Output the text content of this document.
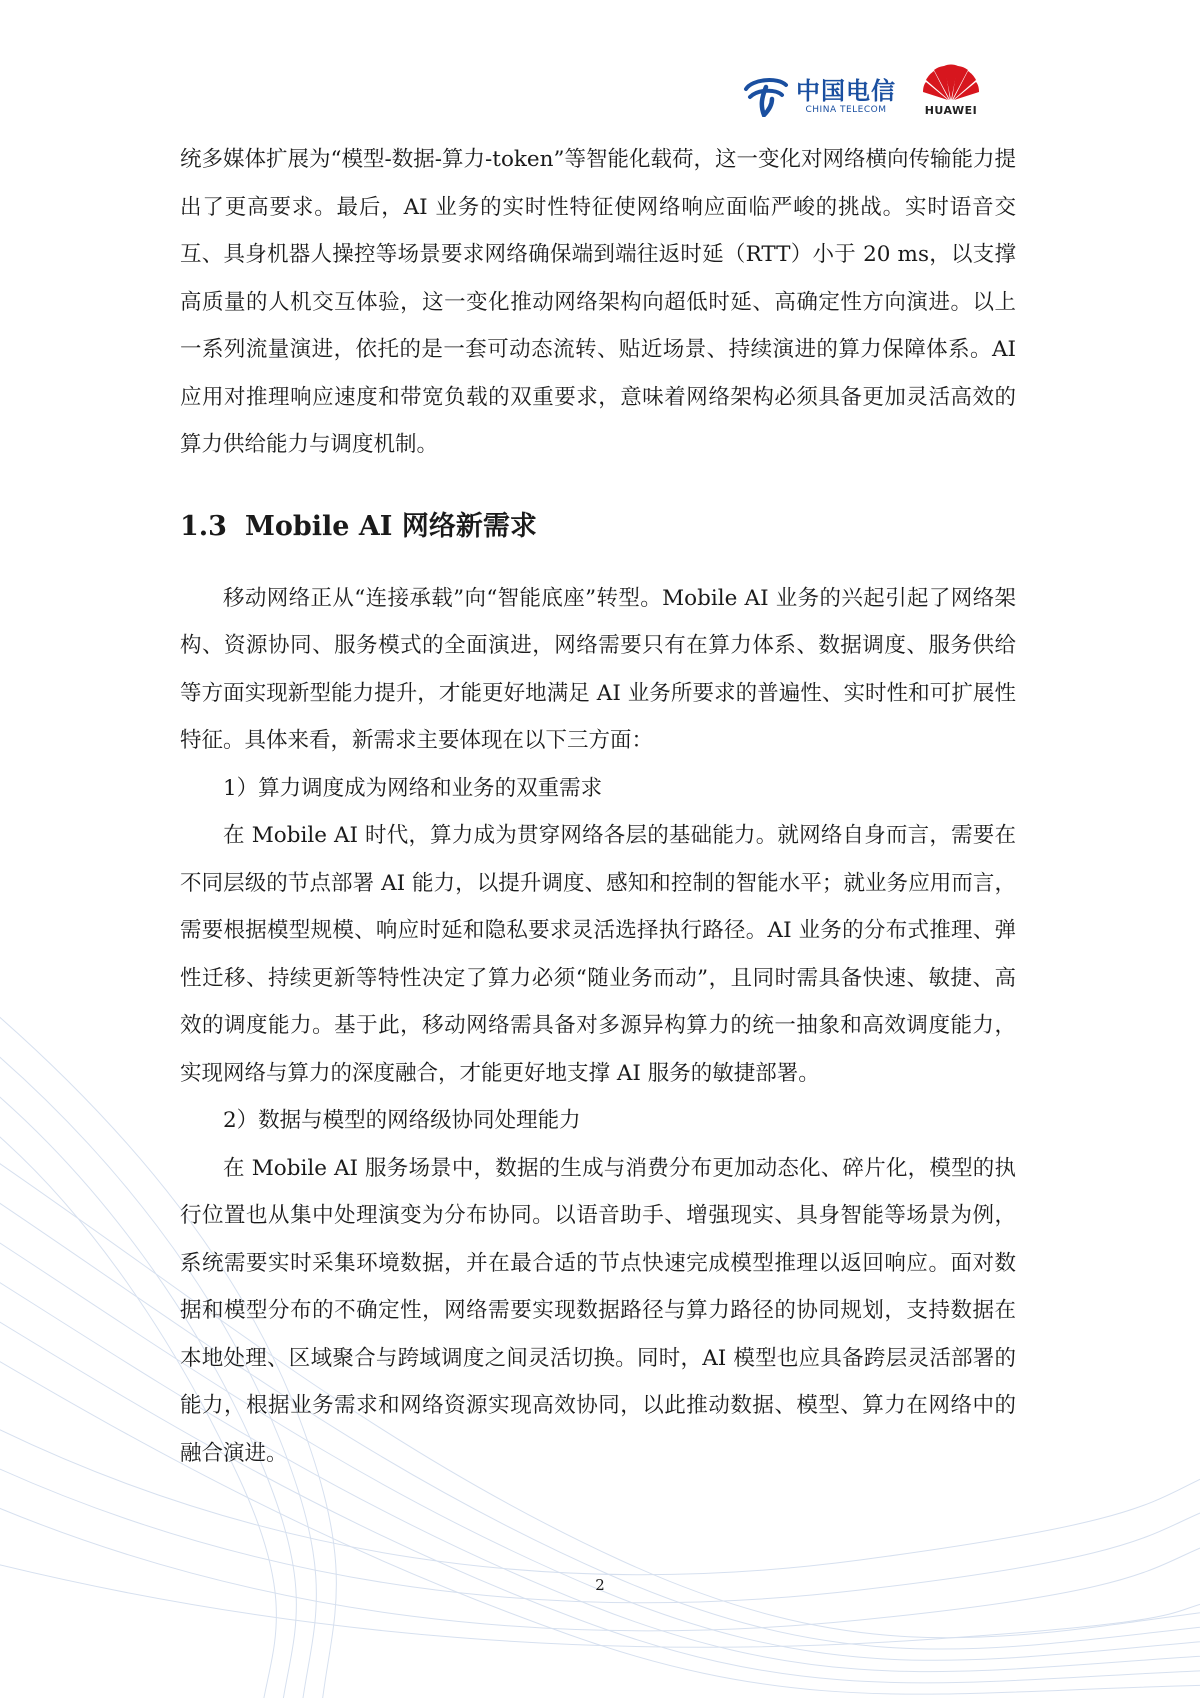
中国电信
CHINA TELECOM	HUAWEI

统多媒体扩展为“模型-数据-算力-token”等智能化载荷，这一变化对网络横向传输能力提出了更高要求。最后，AI 业务的实时性特征使网络响应面临严峻的挑战。实时语音交互、具身机器人操控等场景要求网络确保端到端往返时延（RTT）小于 20 ms，以支撑高质量的人机交互体验，这一变化推动网络架构向超低时延、高确定性方向演进。以上一系列流量演进，依托的是一套可动态流转、贴近场景、持续演进的算力保障体系。AI 应用对推理响应速度和带宽负载的双重要求，意味着网络架构必须具备更加灵活高效的算力供给能力与调度机制。

1.3 Mobile AI 网络新需求

移动网络正从“连接承载”向“智能底座”转型。Mobile AI 业务的兴起引起了网络架构、资源协同、服务模式的全面演进，网络需要只有在算力体系、数据调度、服务供给等方面实现新型能力提升，才能更好地满足 AI 业务所要求的普遍性、实时性和可扩展性特征。具体来看，新需求主要体现在以下三方面：

1）算力调度成为网络和业务的双重需求

在 Mobile AI 时代，算力成为贯穿网络各层的基础能力。就网络自身而言，需要在不同层级的节点部署 AI 能力，以提升调度、感知和控制的智能水平；就业务应用而言，需要根据模型规模、响应时延和隐私要求灵活选择执行路径。AI 业务的分布式推理、弹性迁移、持续更新等特性决定了算力必须“随业务而动”，且同时需具备快速、敏捷、高效的调度能力。基于此，移动网络需具备对多源异构算力的统一抽象和高效调度能力，实现网络与算力的深度融合，才能更好地支撑 AI 服务的敏捷部署。

2）数据与模型的网络级协同处理能力

在 Mobile AI 服务场景中，数据的生成与消费分布更加动态化、碎片化，模型的执行位置也从集中处理演变为分布协同。以语音助手、增强现实、具身智能等场景为例，系统需要实时采集环境数据，并在最合适的节点快速完成模型推理以返回响应。面对数据和模型分布的不确定性，网络需要实现数据路径与算力路径的协同规划，支持数据在本地处理、区域聚合与跨域调度之间灵活切换。同时，AI 模型也应具备跨层灵活部署的能力，根据业务需求和网络资源实现高效协同，以此推动数据、模型、算力在网络中的融合演进。

2
